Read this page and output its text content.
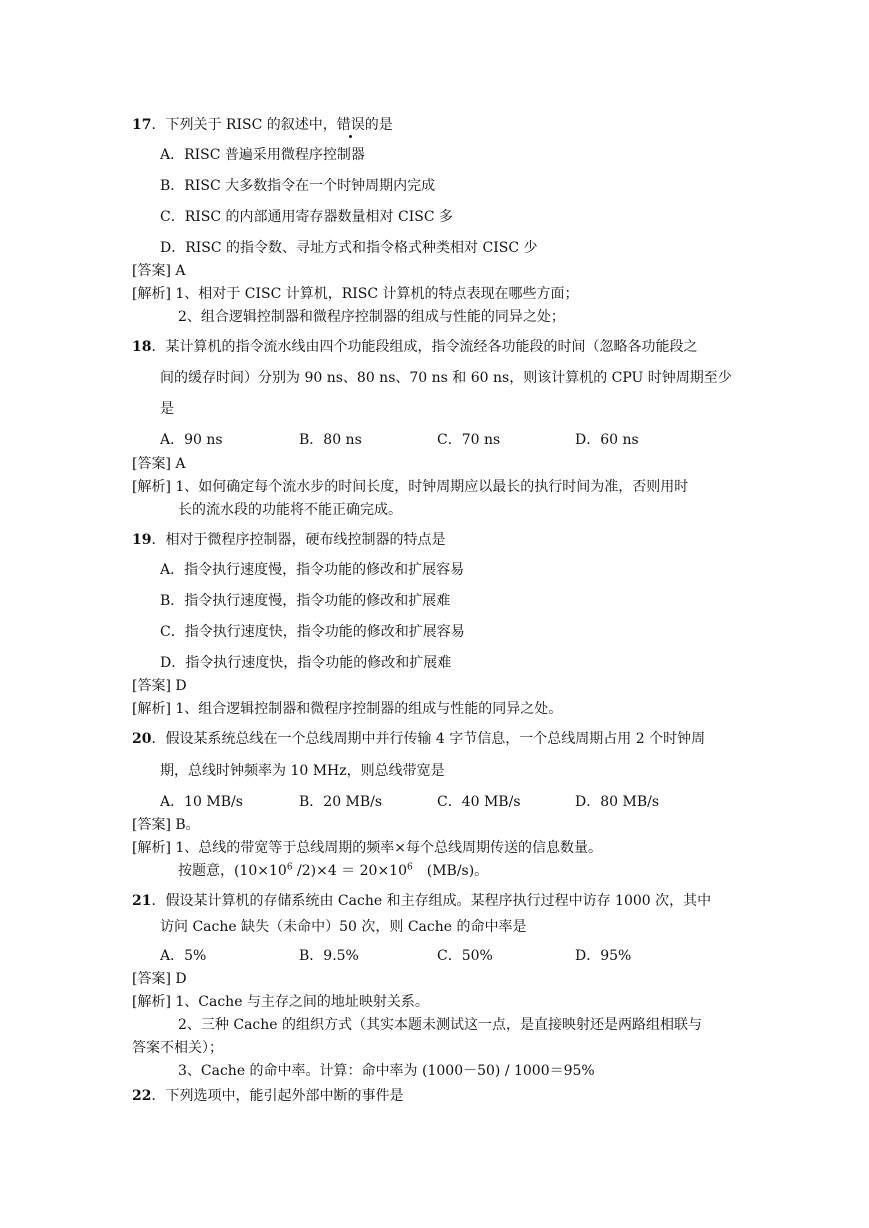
17．下列关于 RISC 的叙述中，错误的是
A．RISC 普遍采用微程序控制器
B．RISC 大多数指令在一个时钟周期内完成
C．RISC 的内部通用寄存器数量相对 CISC 多
D．RISC 的指令数、寻址方式和指令格式种类相对 CISC 少
[答案] A
[解析] 1、相对于 CISC 计算机，RISC 计算机的特点表现在哪些方面；
2、组合逻辑控制器和微程序控制器的组成与性能的同异之处；
18．某计算机的指令流水线由四个功能段组成，指令流经各功能段的时间（忽略各功能段之
间的缓存时间）分别为 90 ns、80 ns、70 ns 和 60 ns，则该计算机的 CPU 时钟周期至少
是
A．90 ns	B．80 ns	C．70 ns	D．60 ns
[答案] A
[解析] 1、如何确定每个流水步的时间长度，时钟周期应以最长的执行时间为准，否则用时
长的流水段的功能将不能正确完成。
19．相对于微程序控制器，硬布线控制器的特点是
A．指令执行速度慢，指令功能的修改和扩展容易
B．指令执行速度慢，指令功能的修改和扩展难
C．指令执行速度快，指令功能的修改和扩展容易
D．指令执行速度快，指令功能的修改和扩展难
[答案] D
[解析] 1、组合逻辑控制器和微程序控制器的组成与性能的同异之处。
20．假设某系统总线在一个总线周期中并行传输 4 字节信息，一个总线周期占用 2 个时钟周
期，总线时钟频率为 10 MHz，则总线带宽是
A．10 MB/s	B．20 MB/s	C．40 MB/s	D．80 MB/s
[答案] B。
[解析] 1、总线的带宽等于总线周期的频率×每个总线周期传送的信息数量。
按题意，($10\times 10^6$ $/2)\times 4 = 20\times 10^6$　(MB/s)。
21．假设某计算机的存储系统由 Cache 和主存组成。某程序执行过程中访存 1000 次，其中
访问 Cache 缺失（未命中）50 次，则 Cache 的命中率是
A．5%	B．9.5%	C．50%	D．95%
[答案] D
[解析] 1、Cache 与主存之间的地址映射关系。
2、三种 Cache 的组织方式（其实本题未测试这一点，是直接映射还是两路组相联与
答案不相关）；
3、Cache 的命中率。计算：命中率为 (1000－50) / 1000＝95%
22．下列选项中，能引起外部中断的事件是
